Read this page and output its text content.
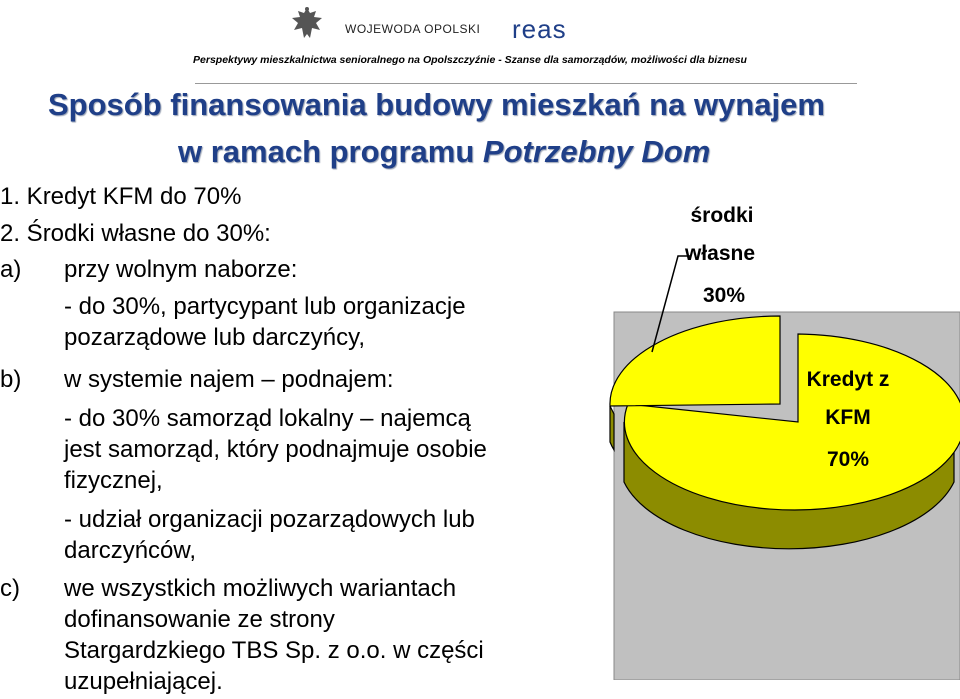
WOJEWODA OPOLSKI reas
Perspektywy mieszkalnictwa senioralnego na Opolszczyźnie - Szanse dla samorządów, możliwości dla biznesu
Sposób finansowania budowy mieszkań na wynajem
w ramach programu Potrzebny Dom
1. Kredyt KFM do 70%
2. Środki własne do 30%:
a) przy wolnym naborze:
- do 30%, partycypant lub organizacje
pozarządowe lub darczyńcy,
b) w systemie najem – podnajem:
- do 30% samorząd lokalny – najemcą
jest samorząd, który podnajmuje osobie
fizycznej,
- udział organizacji pozarządowych lub
darczyńców,
c) we wszystkich możliwych wariantach
dofinansowanie ze strony
Stargardzkiego TBS Sp. z o.o. w części
uzupełniającej.
środki
własne
30%
Kredyt z
KFM
70%
